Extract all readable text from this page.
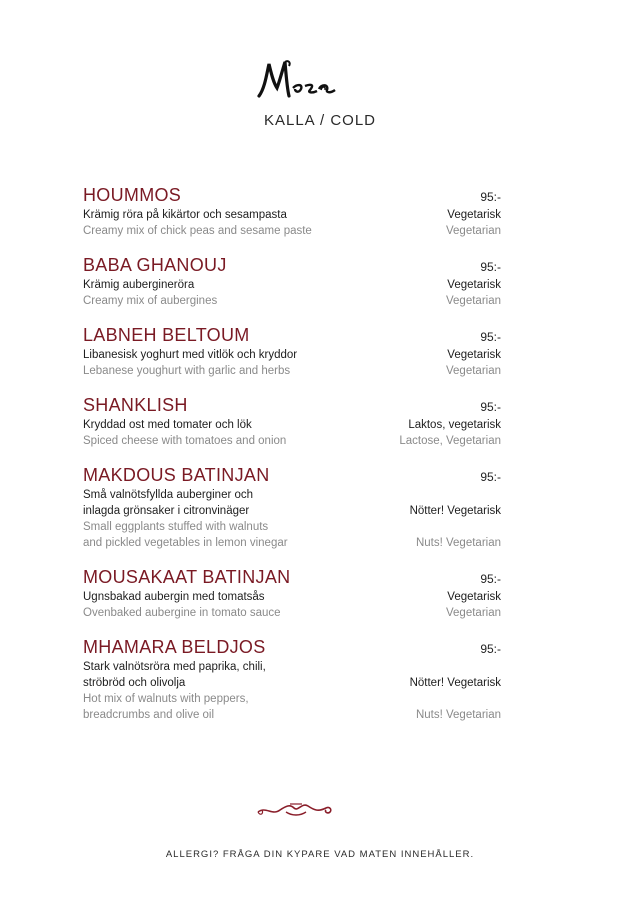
KALLA / COLD
HOUMMOS	95:-
Krämig röra på kikärtor och sesampasta	Vegetarisk
Creamy mix of chick peas and sesame paste	Vegetarian
BABA GHANOUJ	95:-
Krämig aubergineröra	Vegetarisk
Creamy mix of aubergines	Vegetarian
LABNEH BELTOUM	95:-
Libanesisk yoghurt med vitlök och kryddor	Vegetarisk
Lebanese youghurt with garlic and herbs	Vegetarian
SHANKLISH	95:-
Kryddad ost med tomater och lök	Laktos, vegetarisk
Spiced cheese with tomatoes and onion	Lactose, Vegetarian
MAKDOUS BATINJAN	95:-
Små valnötsfyllda auberginer och
inlagda grönsaker i citronvinäger	Nötter! Vegetarisk
Small eggplants stuffed with walnuts
and pickled vegetables in lemon vinegar	Nuts! Vegetarian
MOUSAKAAT BATINJAN	95:-
Ugnsbakad aubergin med tomatsås	Vegetarisk
Ovenbaked aubergine in tomato sauce	Vegetarian
MHAMARA BELDJOS	95:-
Stark valnötsröra med paprika, chili,
ströbröd och olivolja	Nötter! Vegetarisk
Hot mix of walnuts with peppers,
breadcrumbs and olive oil	Nuts! Vegetarian
ALLERGI? FRÅGA DIN KYPARE VAD MATEN INNEHÅLLER.
